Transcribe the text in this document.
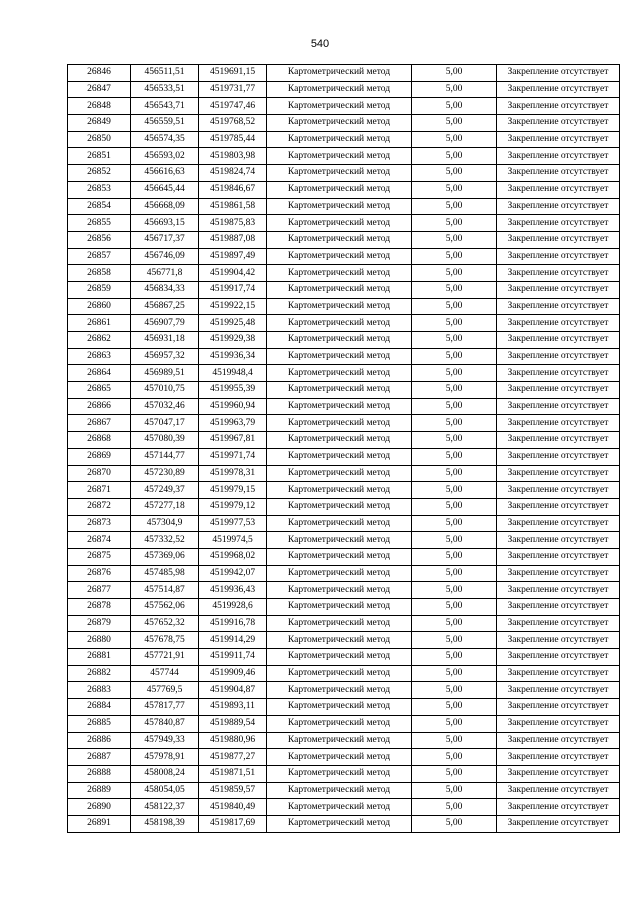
540
26846	456511,51	4519691,15	Картометрический метод	5,00	Закрепление отсутствует
26847	456533,51	4519731,77	Картометрический метод	5,00	Закрепление отсутствует
26848	456543,71	4519747,46	Картометрический метод	5,00	Закрепление отсутствует
26849	456559,51	4519768,52	Картометрический метод	5,00	Закрепление отсутствует
26850	456574,35	4519785,44	Картометрический метод	5,00	Закрепление отсутствует
26851	456593,02	4519803,98	Картометрический метод	5,00	Закрепление отсутствует
26852	456616,63	4519824,74	Картометрический метод	5,00	Закрепление отсутствует
26853	456645,44	4519846,67	Картометрический метод	5,00	Закрепление отсутствует
26854	456668,09	4519861,58	Картометрический метод	5,00	Закрепление отсутствует
26855	456693,15	4519875,83	Картометрический метод	5,00	Закрепление отсутствует
26856	456717,37	4519887,08	Картометрический метод	5,00	Закрепление отсутствует
26857	456746,09	4519897,49	Картометрический метод	5,00	Закрепление отсутствует
26858	456771,8	4519904,42	Картометрический метод	5,00	Закрепление отсутствует
26859	456834,33	4519917,74	Картометрический метод	5,00	Закрепление отсутствует
26860	456867,25	4519922,15	Картометрический метод	5,00	Закрепление отсутствует
26861	456907,79	4519925,48	Картометрический метод	5,00	Закрепление отсутствует
26862	456931,18	4519929,38	Картометрический метод	5,00	Закрепление отсутствует
26863	456957,32	4519936,34	Картометрический метод	5,00	Закрепление отсутствует
26864	456989,51	4519948,4	Картометрический метод	5,00	Закрепление отсутствует
26865	457010,75	4519955,39	Картометрический метод	5,00	Закрепление отсутствует
26866	457032,46	4519960,94	Картометрический метод	5,00	Закрепление отсутствует
26867	457047,17	4519963,79	Картометрический метод	5,00	Закрепление отсутствует
26868	457080,39	4519967,81	Картометрический метод	5,00	Закрепление отсутствует
26869	457144,77	4519971,74	Картометрический метод	5,00	Закрепление отсутствует
26870	457230,89	4519978,31	Картометрический метод	5,00	Закрепление отсутствует
26871	457249,37	4519979,15	Картометрический метод	5,00	Закрепление отсутствует
26872	457277,18	4519979,12	Картометрический метод	5,00	Закрепление отсутствует
26873	457304,9	4519977,53	Картометрический метод	5,00	Закрепление отсутствует
26874	457332,52	4519974,5	Картометрический метод	5,00	Закрепление отсутствует
26875	457369,06	4519968,02	Картометрический метод	5,00	Закрепление отсутствует
26876	457485,98	4519942,07	Картометрический метод	5,00	Закрепление отсутствует
26877	457514,87	4519936,43	Картометрический метод	5,00	Закрепление отсутствует
26878	457562,06	4519928,6	Картометрический метод	5,00	Закрепление отсутствует
26879	457652,32	4519916,78	Картометрический метод	5,00	Закрепление отсутствует
26880	457678,75	4519914,29	Картометрический метод	5,00	Закрепление отсутствует
26881	457721,91	4519911,74	Картометрический метод	5,00	Закрепление отсутствует
26882	457744	4519909,46	Картометрический метод	5,00	Закрепление отсутствует
26883	457769,5	4519904,87	Картометрический метод	5,00	Закрепление отсутствует
26884	457817,77	4519893,11	Картометрический метод	5,00	Закрепление отсутствует
26885	457840,87	4519889,54	Картометрический метод	5,00	Закрепление отсутствует
26886	457949,33	4519880,96	Картометрический метод	5,00	Закрепление отсутствует
26887	457978,91	4519877,27	Картометрический метод	5,00	Закрепление отсутствует
26888	458008,24	4519871,51	Картометрический метод	5,00	Закрепление отсутствует
26889	458054,05	4519859,57	Картометрический метод	5,00	Закрепление отсутствует
26890	458122,37	4519840,49	Картометрический метод	5,00	Закрепление отсутствует
26891	458198,39	4519817,69	Картометрический метод	5,00	Закрепление отсутствует
